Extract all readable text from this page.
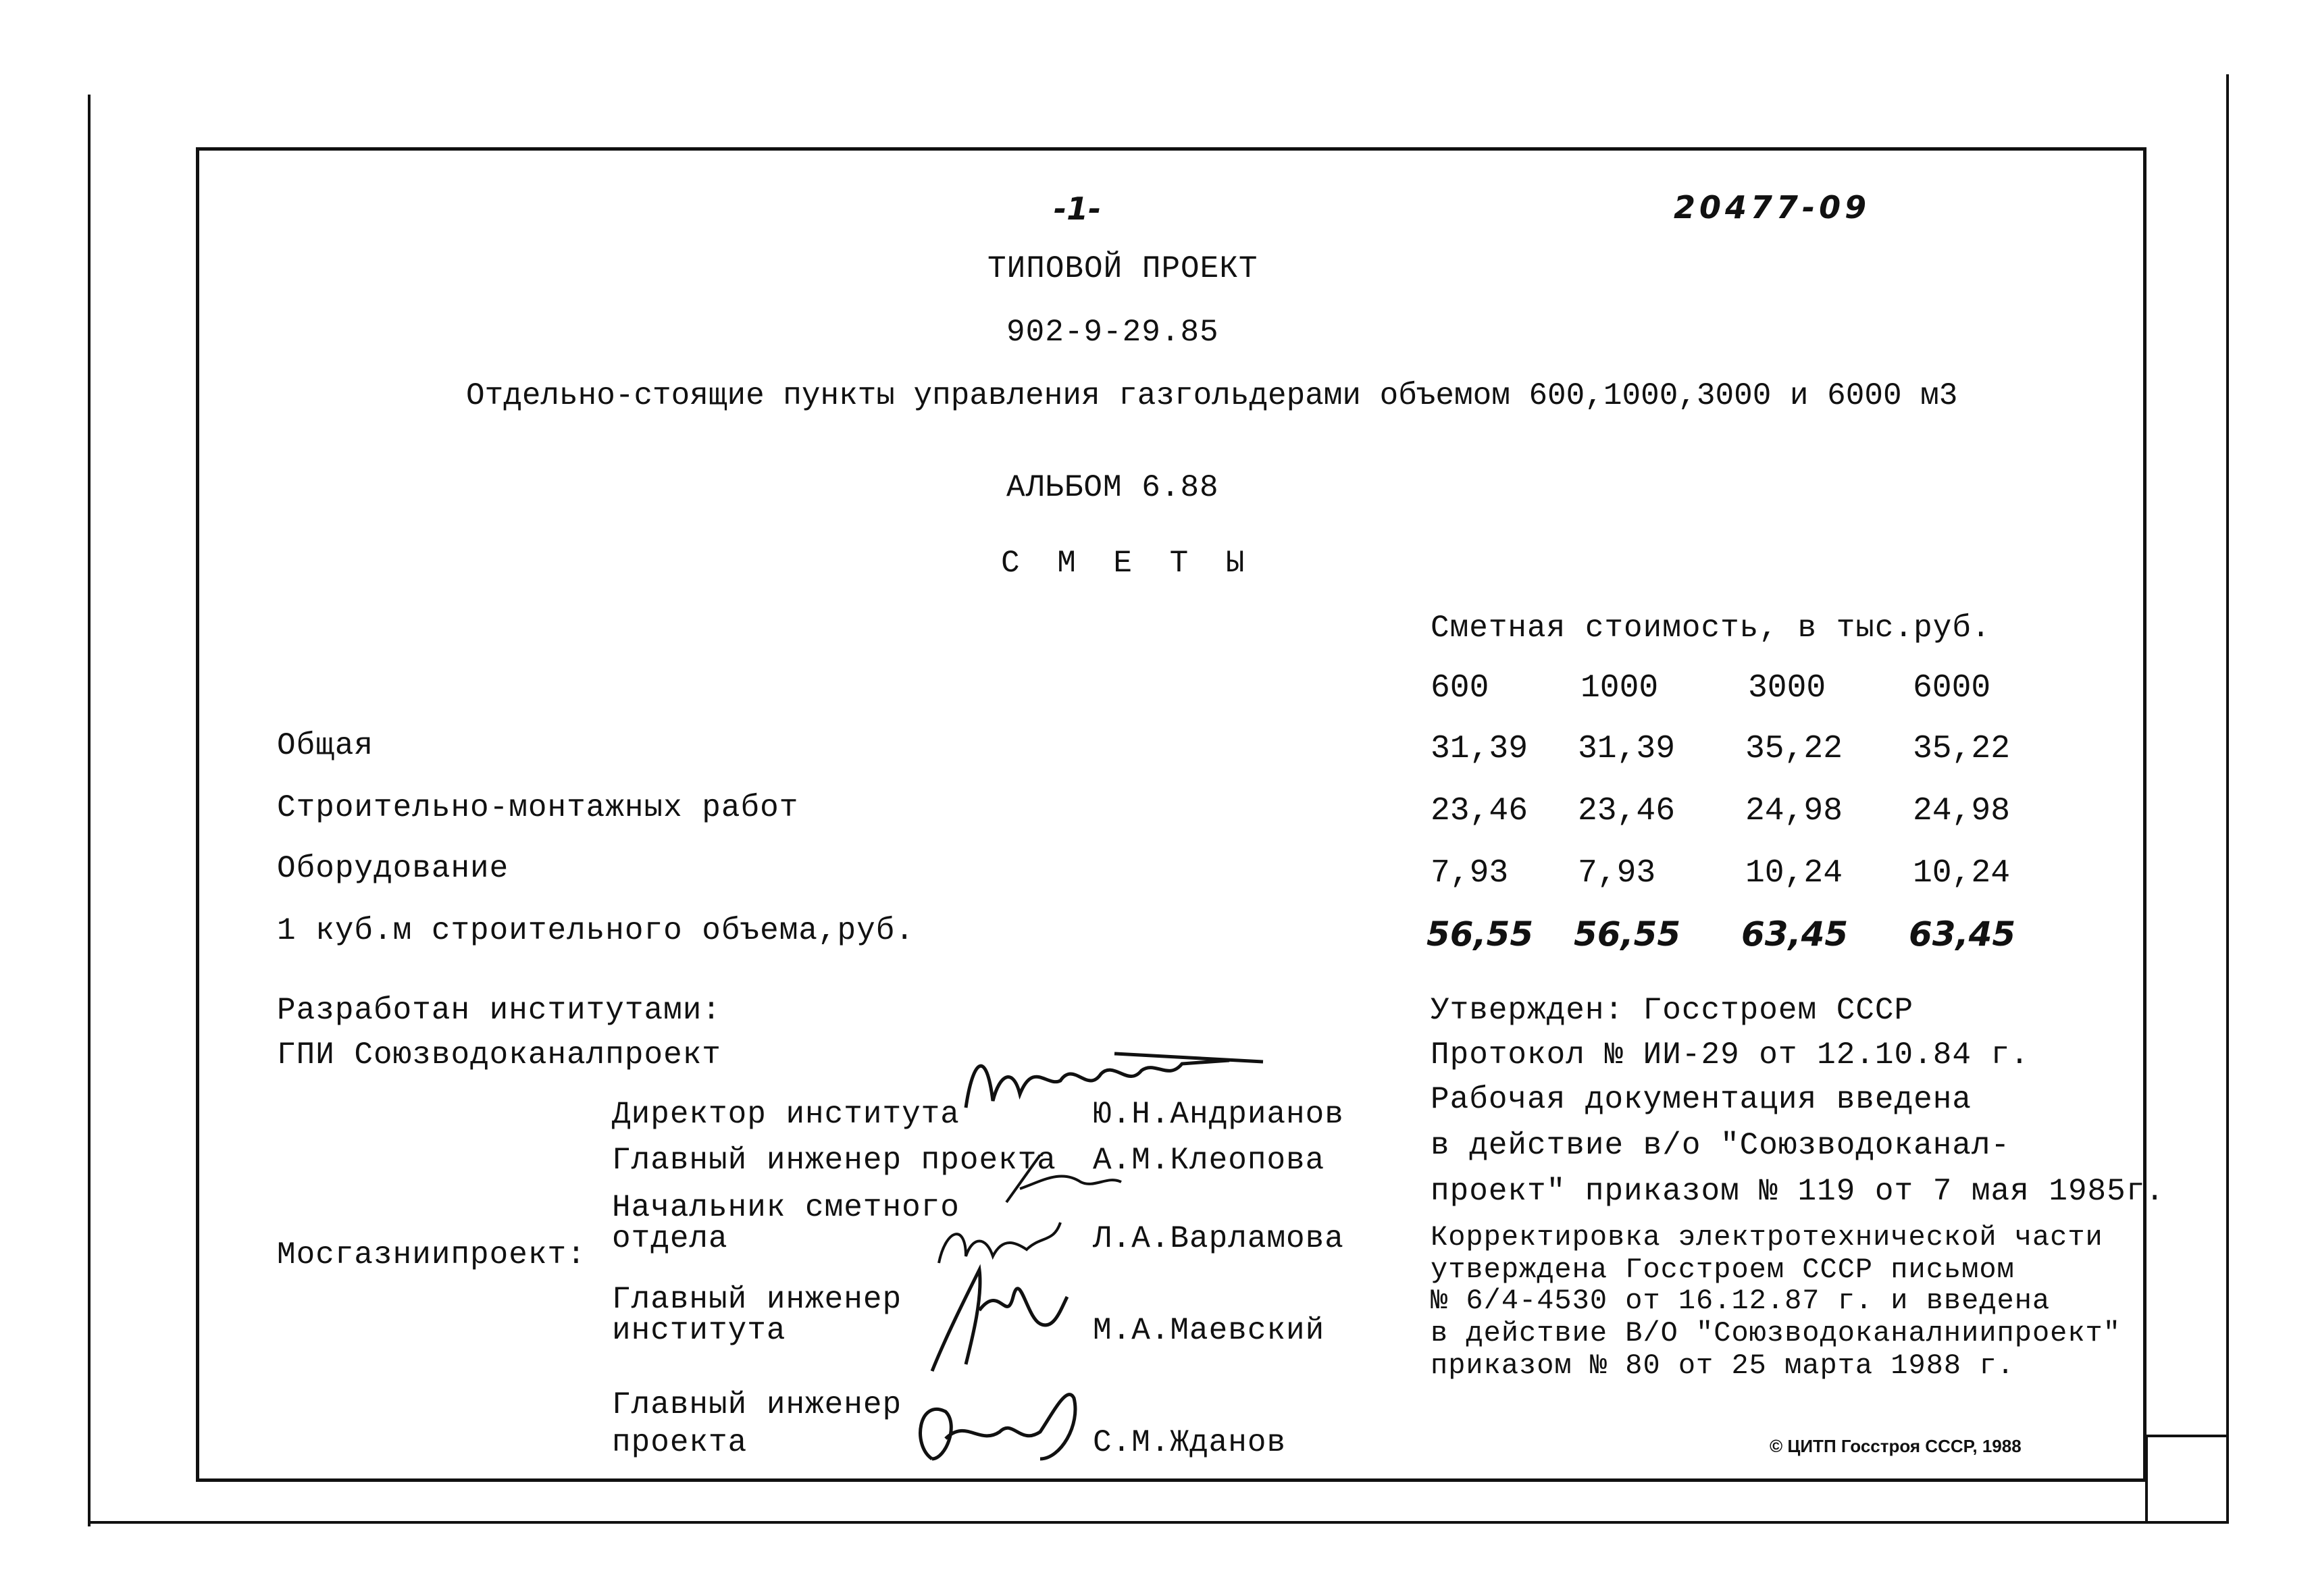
-1-	20477-09
ТИПОВОЙ ПРОЕКТ
902-9-29.85
Отдельно-стоящие пункты управления газгольдерами объемом 600,1000,3000 и 6000 м3
АЛЬБОМ 6.88
С М Е Т Ы
Сметная стоимость, в тыс.руб.
600	1000	3000	6000
Общая	31,39 31,39 35,22 35,22
Строительно-монтажных работ	23,46 23,46 24,98 24,98
Оборудование	7,93 7,93	10,24 10,24
1 куб.м строительного объема,руб.	56,55 56,55 63,45 63,45
Разработан институтами:
ГПИ Союзводоканалпроект
Мосгазниипроект:
Директор института	Ю.Н.Андрианов
Главный инженер проекта А.М.Клеопова
Начальник сметного
отдела	Л.А.Варламова
Главный инженер
института	М.А.Маевский
Главный инженер
проекта	С.М.Жданов
Утвержден: Госстроем СССР
Протокол № ИИ-29 от 12.10.84 г.
Рабочая документация введена
в действие в/о "Союзводоканал-
проект" приказом № 119 от 7 мая 1985г.
Корректировка электротехнической части
утверждена Госстроем СССР письмом
№ 6/4-4530 от 16.12.87 г. и введена
в действие В/О "Союзводоканалниипроект"
приказом № 80 от 25 марта 1988 г.
© ЦИТП Госстроя СССР, 1988
